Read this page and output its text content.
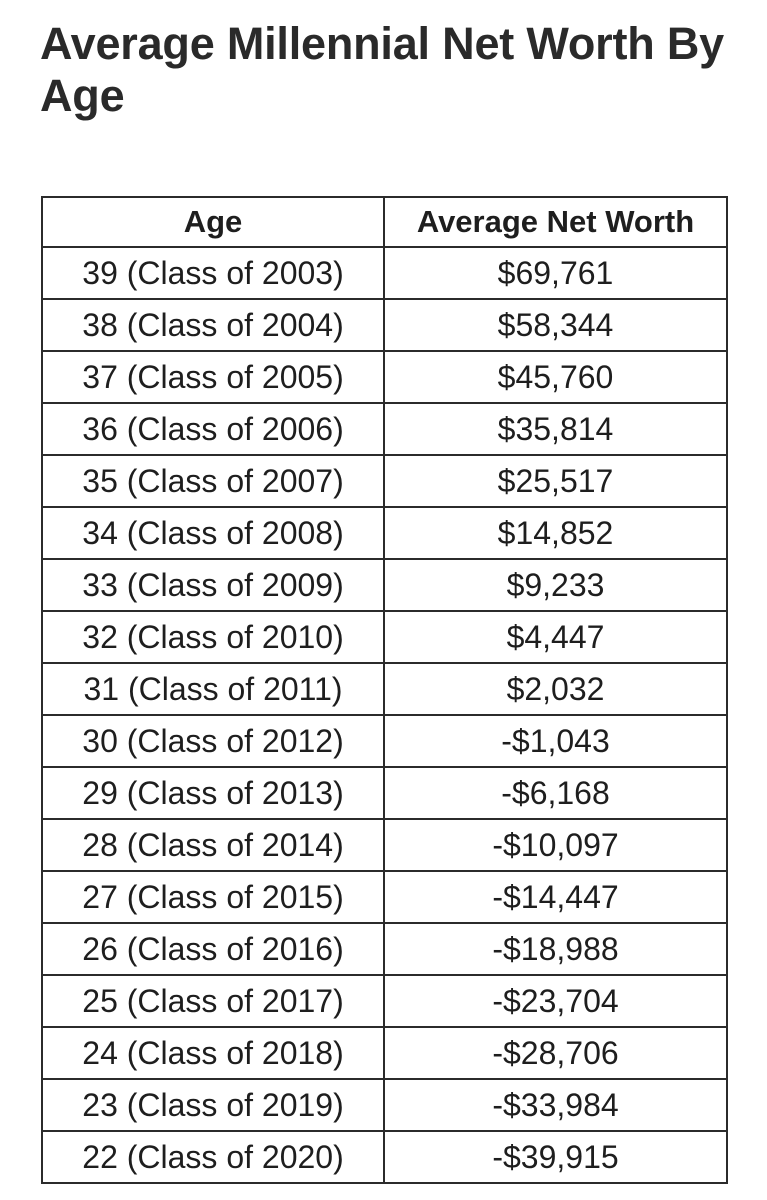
Average Millennial Net Worth By Age
Age	Average Net Worth
39 (Class of 2003)	$69,761
38 (Class of 2004)	$58,344
37 (Class of 2005)	$45,760
36 (Class of 2006)	$35,814
35 (Class of 2007)	$25,517
34 (Class of 2008)	$14,852
33 (Class of 2009)	$9,233
32 (Class of 2010)	$4,447
31 (Class of 2011)	$2,032
30 (Class of 2012)	-$1,043
29 (Class of 2013)	-$6,168
28 (Class of 2014)	-$10,097
27 (Class of 2015)	-$14,447
26 (Class of 2016)	-$18,988
25 (Class of 2017)	-$23,704
24 (Class of 2018)	-$28,706
23 (Class of 2019)	-$33,984
22 (Class of 2020)	-$39,915
